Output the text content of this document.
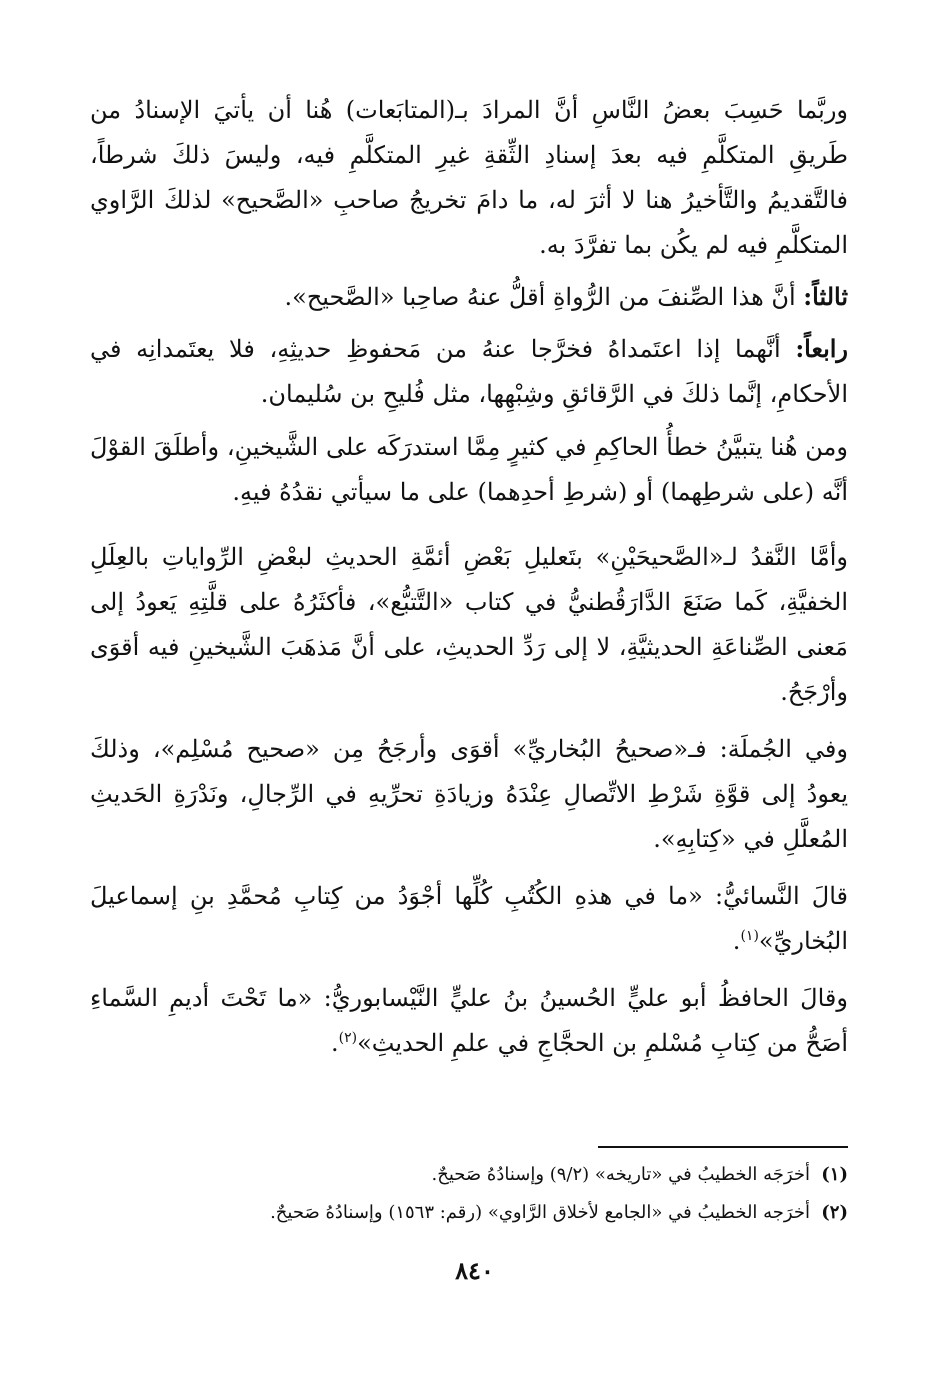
وربَّما حَسِبَ بعضُ النَّاسِ أنَّ المرادَ بـ(المتابَعات) هُنا أن يأتيَ الإسنادُ من طَريقِ المتكلَّمِ فيه بعدَ إسنادِ الثِّقةِ غيرِ المتكلَّمِ فيه، وليسَ ذلكَ شرطاً، فالتَّقديمُ والتَّأخيرُ هنا لا أثرَ له، ما دامَ تخريجُ صاحبِ «الصَّحيح» لذلكَ الرَّاوي المتكلَّمِ فيه لم يكُن بما تفرَّدَ به.

ثالثاً: أنَّ هذا الصِّنفَ من الرُّواةِ أقلُّ عنهُ صاحِبا «الصَّحيح».

رابعاً: أنَّهما إذا اعتَمداهُ فخرَّجا عنهُ من مَحفوظِ حديثِهِ، فلا يعتَمدانِه في الأحكامِ، إنَّما ذلكَ في الرَّقائقِ وشِبْهِها، مثل فُليحِ بن سُليمان.

ومن هُنا يتبيَّنُ خطأُ الحاكِمِ في كثيرٍ مِمَّا استدرَكَه على الشَّيخينِ، وأطلَقَ القوْلَ أنَّه (على شرطِهما) أو (شرطِ أحدِهما) على ما سيأتي نقدُهُ فيهِ.

وأمَّا النَّقدُ لـ«الصَّحيحَيْنِ» بتَعليلِ بَعْضِ أئمَّةِ الحديثِ لبعْضِ الرِّواياتِ بالعِلَلِ الخفيَّةِ، كَما صَنَعَ الدَّارَقُطنيُّ في كتاب «التَّتبُّع»، فأكثَرُهُ على قلَّتِهِ يَعودُ إلى مَعنى الصِّناعَةِ الحديثيَّةِ، لا إلى رَدِّ الحديثِ، على أنَّ مَذهَبَ الشَّيخينِ فيه أقوَى وأرْجَحُ.

وفي الجُملَة: فـ«صحيحُ البُخاريِّ» أقوَى وأرجَحُ مِن «صحيح مُسْلِم»، وذلكَ يعودُ إلى قوَّةِ شَرْطِ الاتِّصالِ عِنْدَهُ وزيادَةِ تحرِّيهِ في الرِّجالِ، ونَدْرَةِ الحَديثِ المُعلَّلِ في «كِتابِهِ».

قالَ النَّسائيُّ: «ما في هذهِ الكُتُبِ كُلِّها أجْوَدُ من كِتابِ مُحمَّدِ بنِ إسماعيلَ البُخاريِّ»$^{(١)}$.

وقالَ الحافظُ أبو عليٍّ الحُسينُ بنُ عليٍّ النَّيْسابوريُّ: «ما تَحْتَ أديمِ السَّماءِ أصَحُّ من كِتابِ مُسْلمِ بن الحجَّاجِ في علمِ الحديثِ»$^{(٢)}$.

(١)أخرَجَه الخطيبُ في «تاريخه» (٩/٢) وإسنادُهُ صَحيحٌ.

(٢)أخرَجه الخطيبُ في «الجامع لأخلاق الرَّاوي» (رقم: ١٥٦٣) وإسنادُهُ صَحيحٌ.

٨٤٠
